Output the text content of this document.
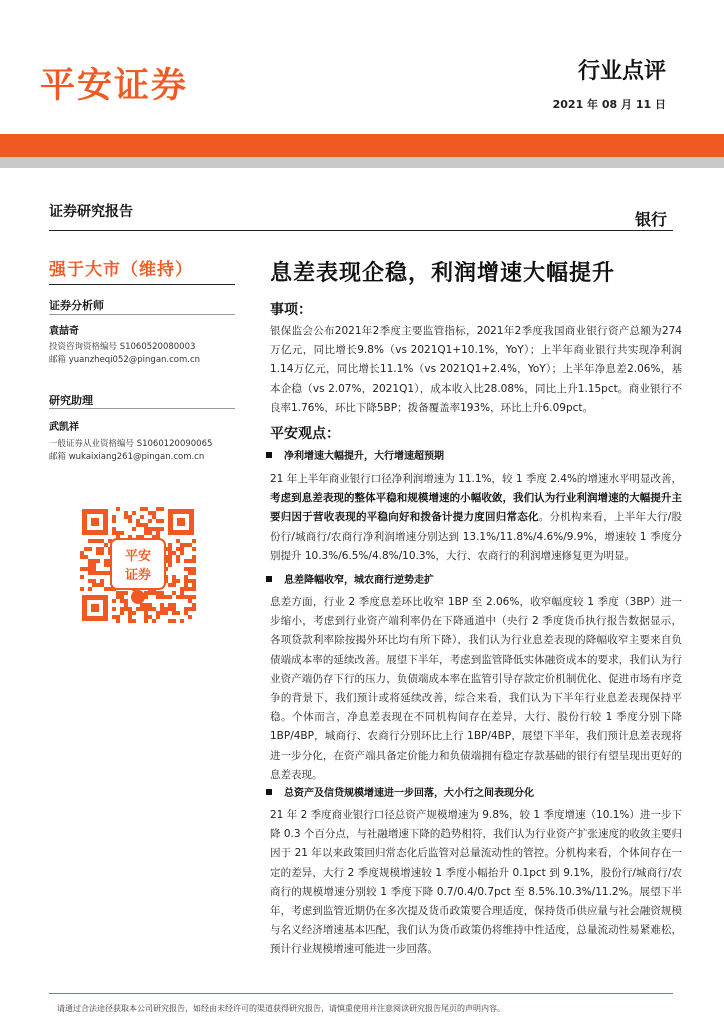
平安证券	行业点评
2021 年 08 月 11 日
证券研究报告	银行
强于大市（维持）
证券分析师
袁喆奇
投资咨询资格编号 S1060520080003
邮箱 yuanzheqi052@pingan.com.cn
研究助理
武凯祥
一般证券从业资格编号 S1060120090065
邮箱 wukaixiang261@pingan.com.cn
平安
证券
息差表现企稳，利润增速大幅提升
事项：
银保监会公布2021年2季度主要监管指标，2021年2季度我国商业银行资产总额为274万亿元，同比增长9.8%（vs 2021Q1+10.1%，YoY）；上半年商业银行共实现净利润1.14万亿元，同比增长11.1%（vs 2021Q1+2.4%，YoY）；上半年净息差2.06%，基本企稳（vs 2.07%，2021Q1），成本收入比28.08%，同比上升1.15pct。商业银行不良率1.76%，环比下降5BP；拨备覆盖率193%，环比上升6.09pct。
平安观点：
净利增速大幅提升，大行增速超预期
21 年上半年商业银行口径净利润增速为 11.1%，较 1 季度 2.4%的增速水平明显改善，考虑到息差表现的整体平稳和规模增速的小幅收敛，我们认为行业利润增速的大幅提升主要归因于营收表现的平稳向好和拨备计提力度回归常态化。分机构来看，上半年大行/股份行/城商行/农商行净利润增速分别达到 13.1%/11.8%/4.6%/9.9%，增速较 1 季度分别提升 10.3%/6.5%/4.8%/10.3%，大行、农商行的利润增速修复更为明显。
息差降幅收窄，城农商行逆势走扩
息差方面，行业 2 季度息差环比收窄 1BP 至 2.06%，收窄幅度较 1 季度（3BP）进一步缩小，考虑到行业资产端利率仍在下降通道中（央行 2 季度货币执行报告数据显示，各项贷款利率除按揭外环比均有所下降），我们认为行业息差表现的降幅收窄主要来自负债端成本率的延续改善。展望下半年，考虑到监管降低实体融资成本的要求，我们认为行业资产端仍存下行的压力，负债端成本率在监管引导存款定价机制优化、促进市场有序竞争的背景下，我们预计或将延续改善，综合来看，我们认为下半年行业息差表现保持平稳。个体而言，净息差表现在不同机构间存在差异，大行、股份行较 1 季度分别下降 1BP/4BP，城商行、农商行分别环比上行 1BP/4BP，展望下半年，我们预计息差表现将进一步分化，在资产端具备定价能力和负债端拥有稳定存款基础的银行有望呈现出更好的息差表现。
总资产及信贷规模增速进一步回落，大小行之间表现分化
21 年 2 季度商业银行口径总资产规模增速为 9.8%，较 1 季度增速（10.1%）进一步下降 0.3 个百分点，与社融增速下降的趋势相符，我们认为行业资产扩张速度的收敛主要归因于 21 年以来政策回归常态化后监管对总量流动性的管控。分机构来看，个体间存在一定的差异，大行 2 季度规模增速较 1 季度小幅抬升 0.1pct 到 9.1%，股份行/城商行/农商行的规模增速分别较 1 季度下降 0.7/0.4/0.7pct 至 8.5%.10.3%/11.2%。展望下半年，考虑到监管近期仍在多次提及货币政策要合理适度，保持货币供应量与社会融资规模与名义经济增速基本匹配，我们认为货币政策仍将维持中性适度，总量流动性易紧难松，预计行业规模增速可能进一步回落。
请通过合法途径获取本公司研究报告，如经由未经许可的渠道获得研究报告，请慎重使用并注意阅读研究报告尾页的声明内容。
